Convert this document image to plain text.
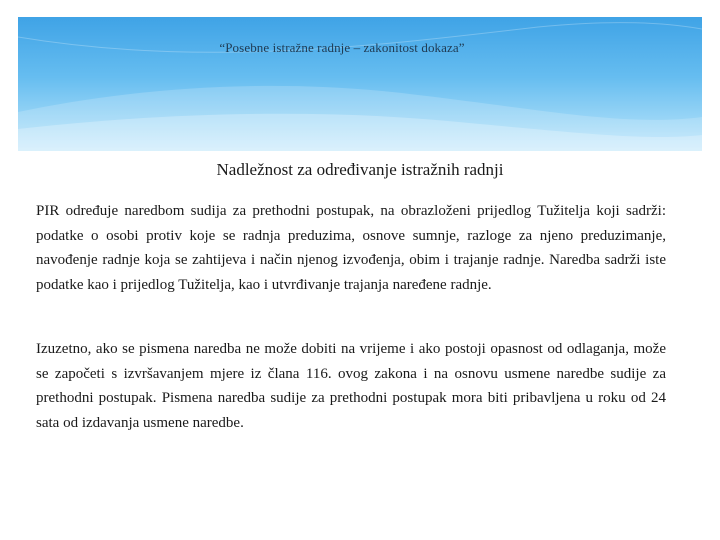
“Posebne istražne radnje – zakonitost dokaza”
Nadležnost za određivanje istražnih radnji

PIR određuje naredbom sudija za prethodni postupak, na obrazloženi prijedlog Tužitelja koji sadrži: podatke o osobi protiv koje se radnja preduzima, osnove sumnje, razloge za njeno preduzimanje, navođenje radnje koja se zahtijeva i način njenog izvođenja, obim i trajanje radnje. Naredba sadrži iste podatke kao i prijedlog Tužitelja, kao i utvrđivanje trajanja naređene radnje.

Izuzetno, ako se pismena naredba ne može dobiti na vrijeme i ako postoji opasnost od odlaganja, može se započeti s izvršavanjem mjere iz člana 116. ovog zakona i na osnovu usmene naredbe sudije za prethodni postupak. Pismena naredba sudije za prethodni postupak mora biti pribavljena u roku od 24 sata od izdavanja usmene naredbe.
